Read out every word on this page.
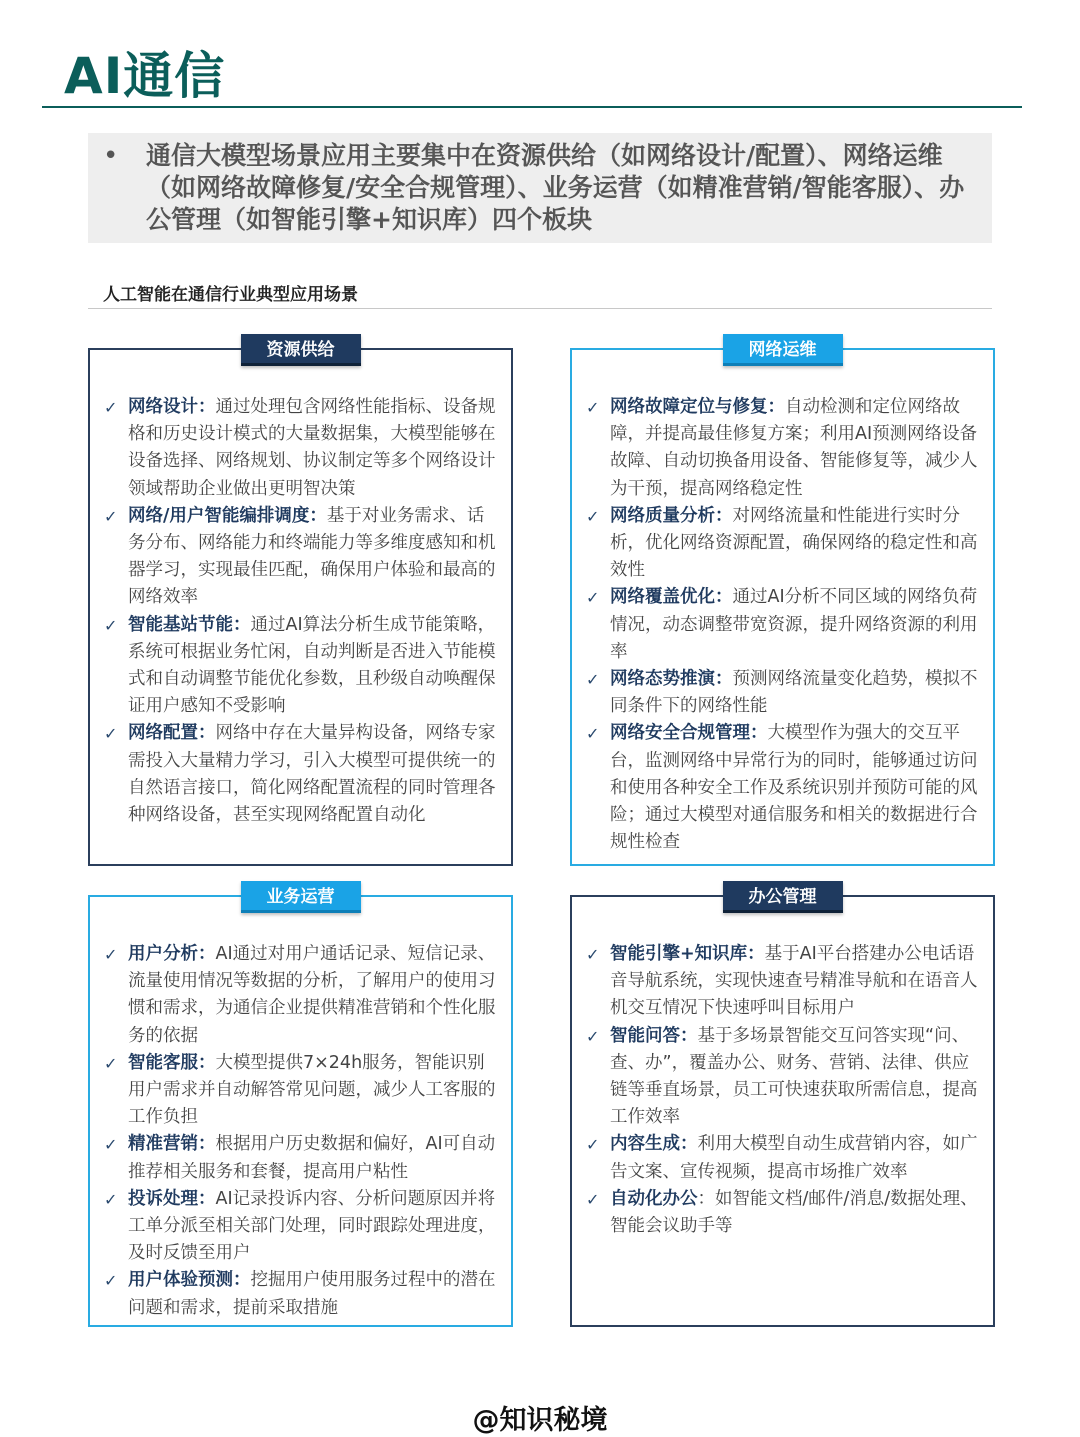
AI通信
• 通信大模型场景应用主要集中在资源供给（如网络设计/配置）、网络运维（如网络故障修复/安全合规管理）、业务运营（如精准营销/智能客服）、办公管理（如智能引擎+知识库）四个板块
人工智能在通信行业典型应用场景
资源供给
✓ 网络设计：通过处理包含网络性能指标、设备规格和历史设计模式的大量数据集，大模型能够在设备选择、网络规划、协议制定等多个网络设计领域帮助企业做出更明智决策
✓ 网络/用户智能编排调度：基于对业务需求、话务分布、网络能力和终端能力等多维度感知和机器学习，实现最佳匹配，确保用户体验和最高的网络效率
✓ 智能基站节能：通过AI算法分析生成节能策略，系统可根据业务忙闲，自动判断是否进入节能模式和自动调整节能优化参数，且秒级自动唤醒保证用户感知不受影响
✓ 网络配置：网络中存在大量异构设备，网络专家需投入大量精力学习，引入大模型可提供统一的自然语言接口，简化网络配置流程的同时管理各种网络设备，甚至实现网络配置自动化
网络运维
✓ 网络故障定位与修复：自动检测和定位网络故障，并提高最佳修复方案；利用AI预测网络设备故障、自动切换备用设备、智能修复等，减少人为干预，提高网络稳定性
✓ 网络质量分析：对网络流量和性能进行实时分析，优化网络资源配置，确保网络的稳定性和高效性
✓ 网络覆盖优化：通过AI分析不同区域的网络负荷情况，动态调整带宽资源，提升网络资源的利用率
✓ 网络态势推演：预测网络流量变化趋势，模拟不同条件下的网络性能
✓ 网络安全合规管理：大模型作为强大的交互平台，监测网络中异常行为的同时，能够通过访问和使用各种安全工作及系统识别并预防可能的风险；通过大模型对通信服务和相关的数据进行合规性检查
业务运营
✓ 用户分析：AI通过对用户通话记录、短信记录、流量使用情况等数据的分析，了解用户的使用习惯和需求，为通信企业提供精准营销和个性化服务的依据
✓ 智能客服：大模型提供7×24h服务，智能识别用户需求并自动解答常见问题，减少人工客服的工作负担
✓ 精准营销：根据用户历史数据和偏好，AI可自动推荐相关服务和套餐，提高用户粘性
✓ 投诉处理：AI记录投诉内容、分析问题原因并将工单分派至相关部门处理，同时跟踪处理进度，及时反馈至用户
✓ 用户体验预测：挖掘用户使用服务过程中的潜在问题和需求，提前采取措施
办公管理
✓ 智能引擎+知识库：基于AI平台搭建办公电话语音导航系统，实现快速查号精准导航和在语音人机交互情况下快速呼叫目标用户
✓ 智能问答：基于多场景智能交互问答实现“问、查、办”，覆盖办公、财务、营销、法律、供应链等垂直场景，员工可快速获取所需信息，提高工作效率
✓ 内容生成：利用大模型自动生成营销内容，如广告文案、宣传视频，提高市场推广效率
✓ 自动化办公：如智能文档/邮件/消息/数据处理、智能会议助手等
@知识秘境
